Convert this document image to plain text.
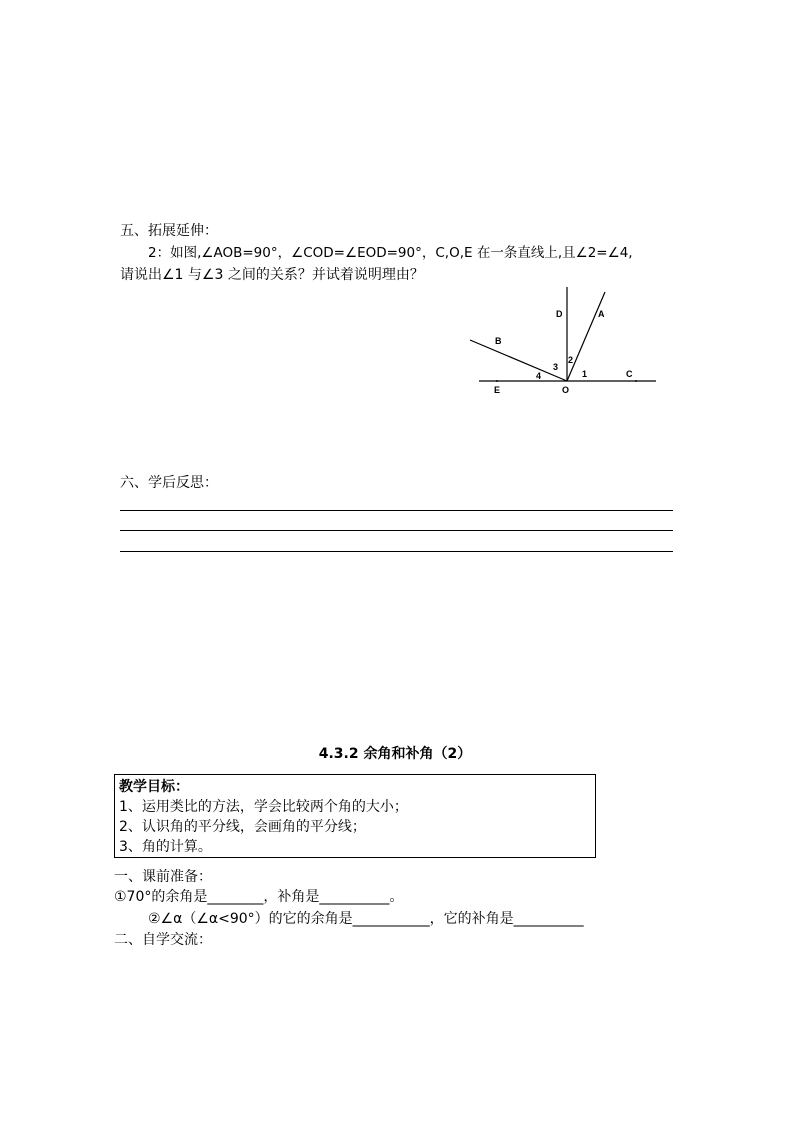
五、拓展延伸：
2：如图,∠AOB=90°，∠COD=∠EOD=90°，C,O,E 在一条直线上,且∠2=∠4,
请说出∠1 与∠3 之间的关系？并试着说明理由？
D	A
B
2
3
4	1	C
E	O
六、学后反思：
4.3.2 余角和补角（2）
教学目标：
1、运用类比的方法，学会比较两个角的大小；
2、认识角的平分线，会画角的平分线；
3、角的计算。
一、课前准备：
①70°的余角是________，补角是__________。
②∠α（∠α<90°）的它的余角是___________，它的补角是__________
二、自学交流：
